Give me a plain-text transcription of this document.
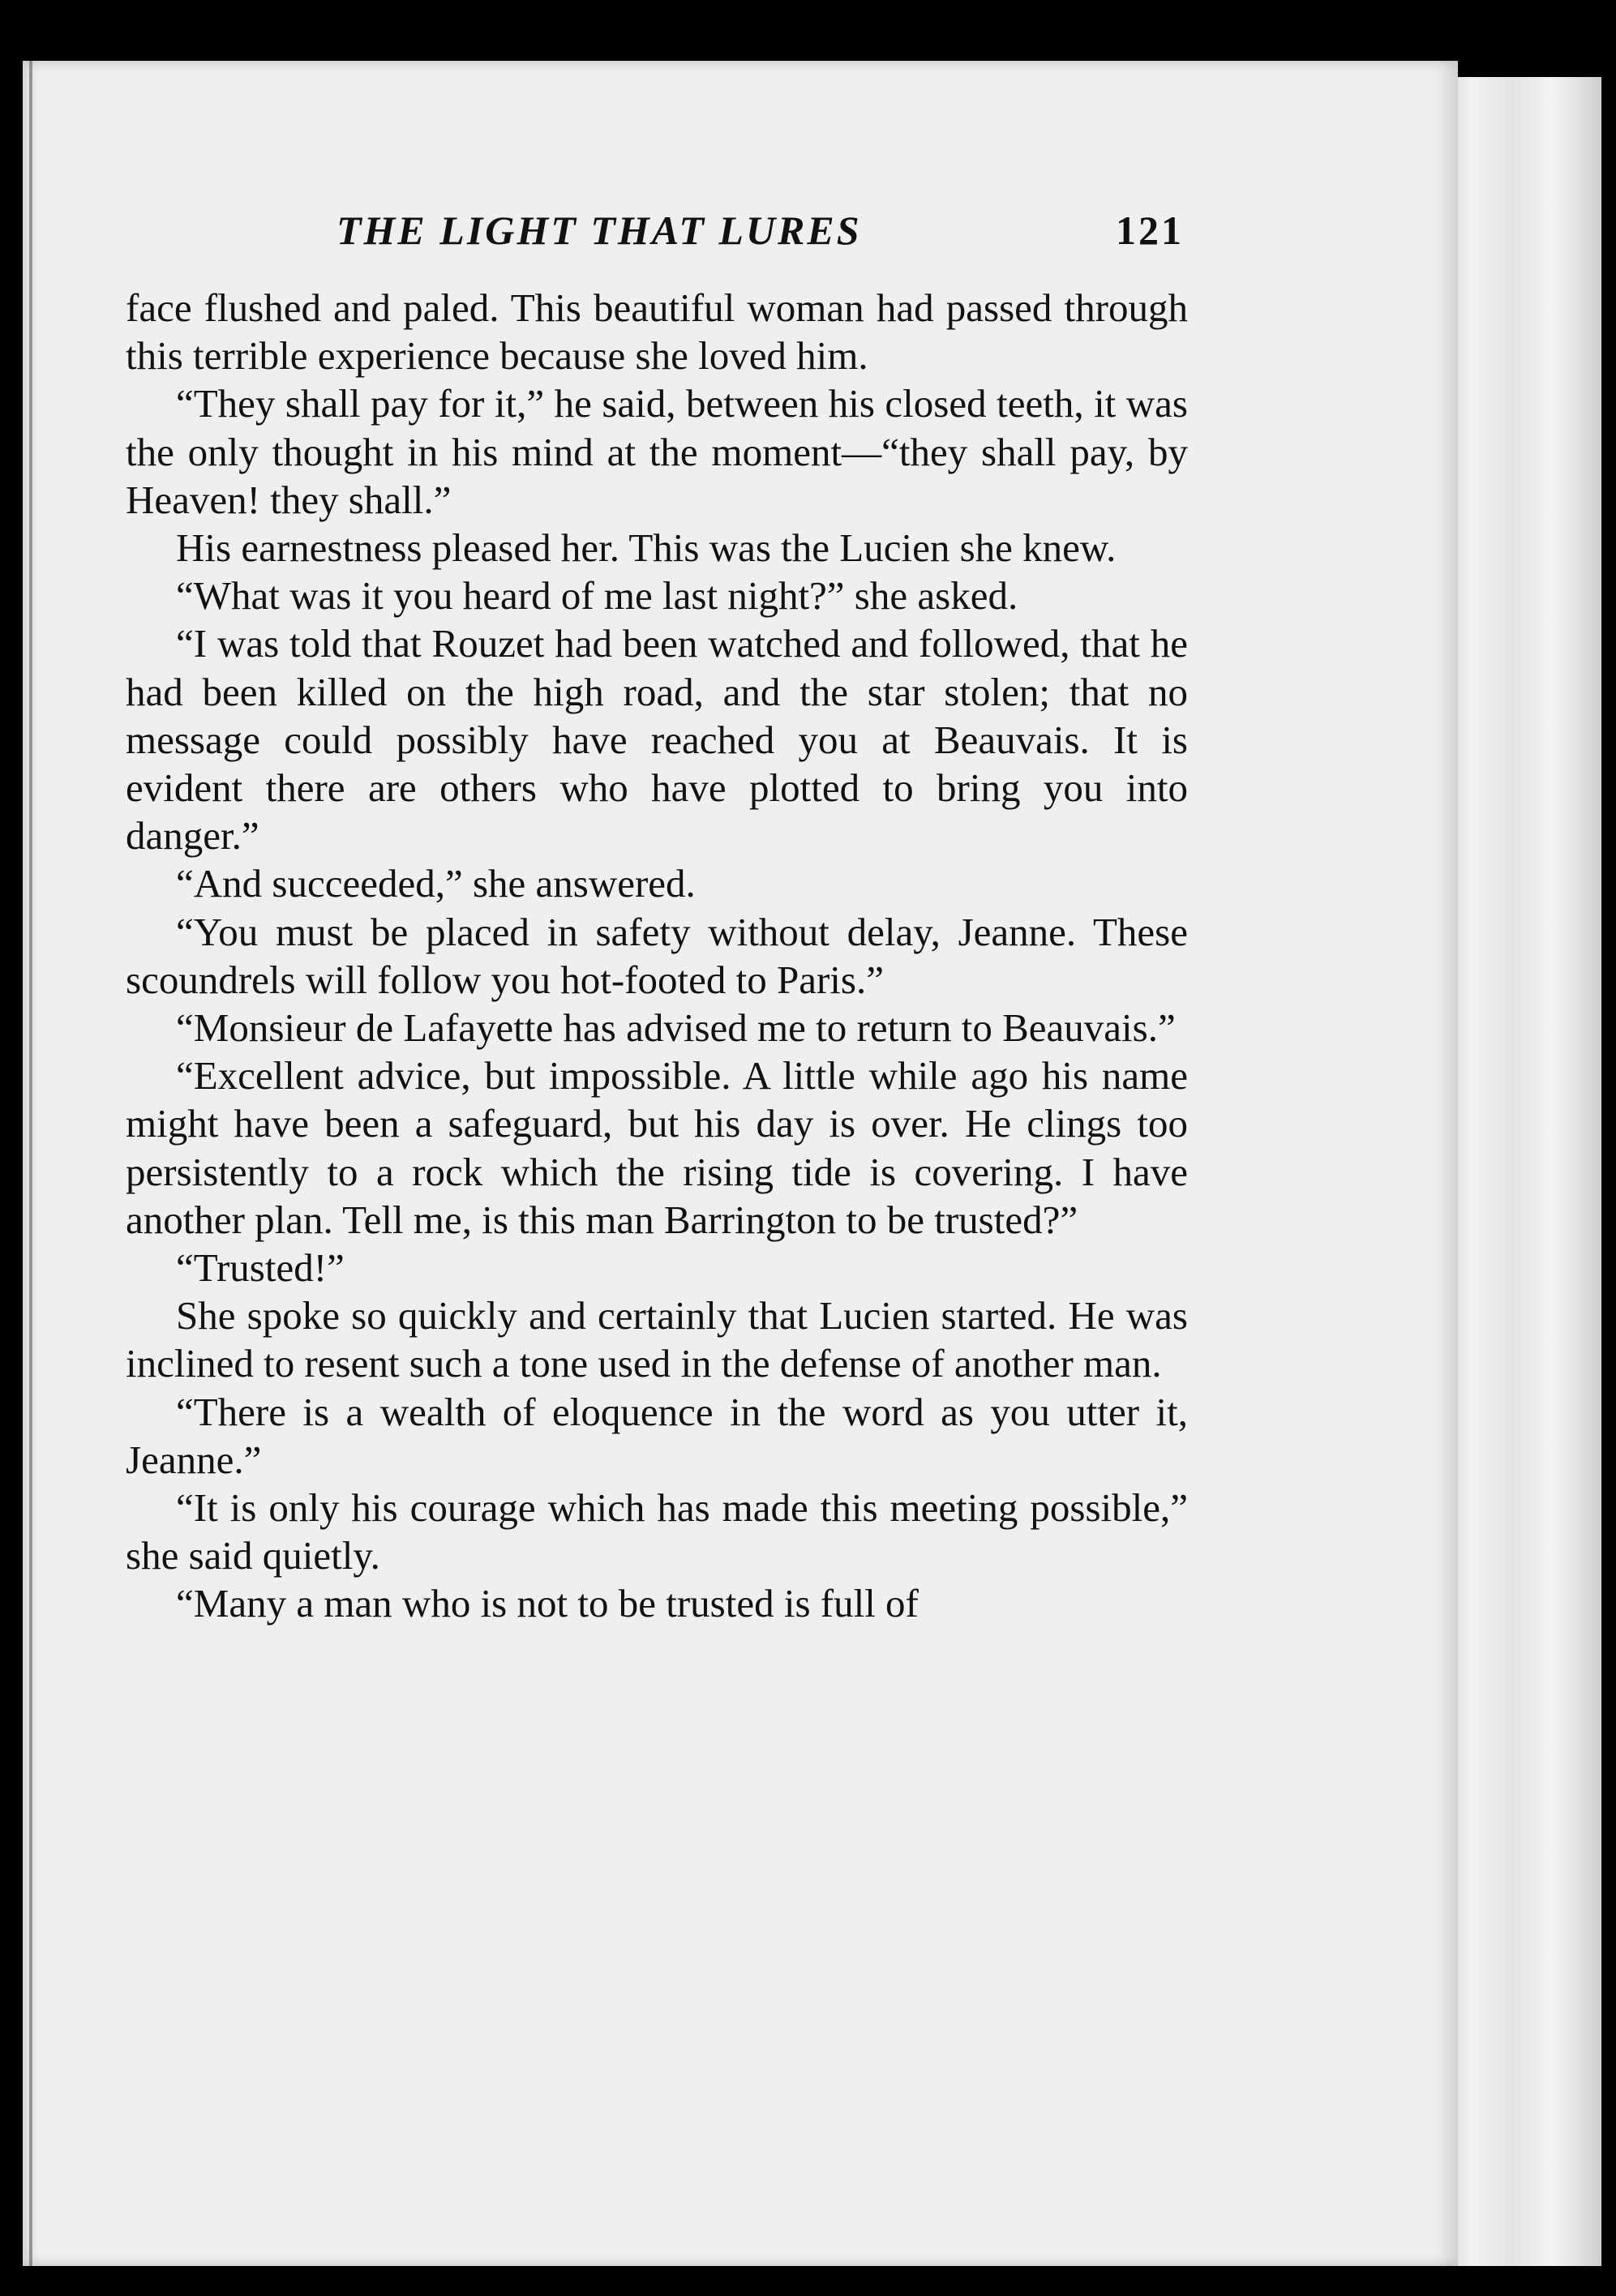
THE LIGHT THAT LURES	121

face flushed and paled. This beautiful woman had passed through this terrible experience because she loved him.

“They shall pay for it,” he said, between his closed teeth, it was the only thought in his mind at the moment—“they shall pay, by Heaven! they shall.”

His earnestness pleased her. This was the Lucien she knew.

“What was it you heard of me last night?” she asked.

“I was told that Rouzet had been watched and followed, that he had been killed on the high road, and the star stolen; that no message could possibly have reached you at Beauvais. It is evident there are others who have plotted to bring you into danger.”

“And succeeded,” she answered.

“You must be placed in safety without delay, Jeanne. These scoundrels will follow you hot-footed to Paris.”

“Monsieur de Lafayette has advised me to return to Beauvais.”

“Excellent advice, but impossible. A little while ago his name might have been a safeguard, but his day is over. He clings too persistently to a rock which the rising tide is covering. I have another plan. Tell me, is this man Barrington to be trusted?”

“Trusted!”

She spoke so quickly and certainly that Lucien started. He was inclined to resent such a tone used in the defense of another man.

“There is a wealth of eloquence in the word as you utter it, Jeanne.”

“It is only his courage which has made this meeting possible,” she said quietly.

“Many a man who is not to be trusted is full of
